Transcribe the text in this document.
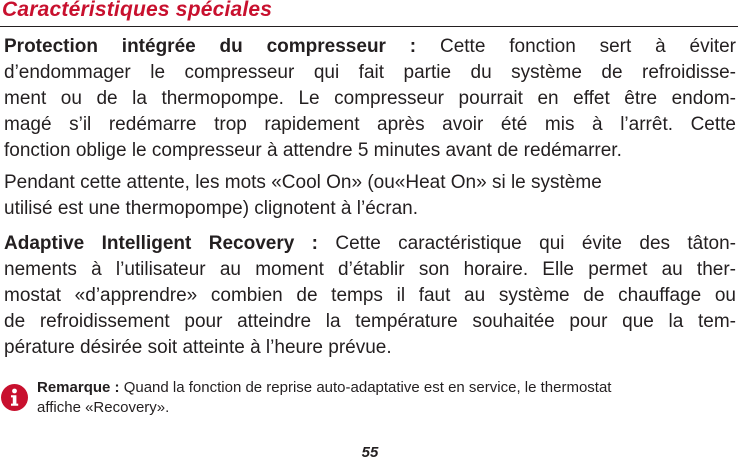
Caractéristiques spéciales
Protection intégrée du compresseur : Cette fonction sert à éviter
d’endommager le compresseur qui fait partie du système de refroidisse-
ment ou de la thermopompe. Le compresseur pourrait en effet être endom-
magé s’il redémarre trop rapidement après avoir été mis à l’arrêt. Cette
fonction oblige le compresseur à attendre 5 minutes avant de redémarrer.
Pendant cette attente, les mots «Cool On» (ou«Heat On» si le système
utilisé est une thermopompe) clignotent à l’écran.
Adaptive Intelligent Recovery : Cette caractéristique qui évite des tâton-
nements à l’utilisateur au moment d’établir son horaire. Elle permet au ther-
mostat «d’apprendre» combien de temps il faut au système de chauffage ou
de refroidissement pour atteindre la température souhaitée pour que la tem-
pérature désirée soit atteinte à l’heure prévue.
Remarque : Quand la fonction de reprise auto-adaptative est en service, le thermostat
affiche «Recovery».
55
